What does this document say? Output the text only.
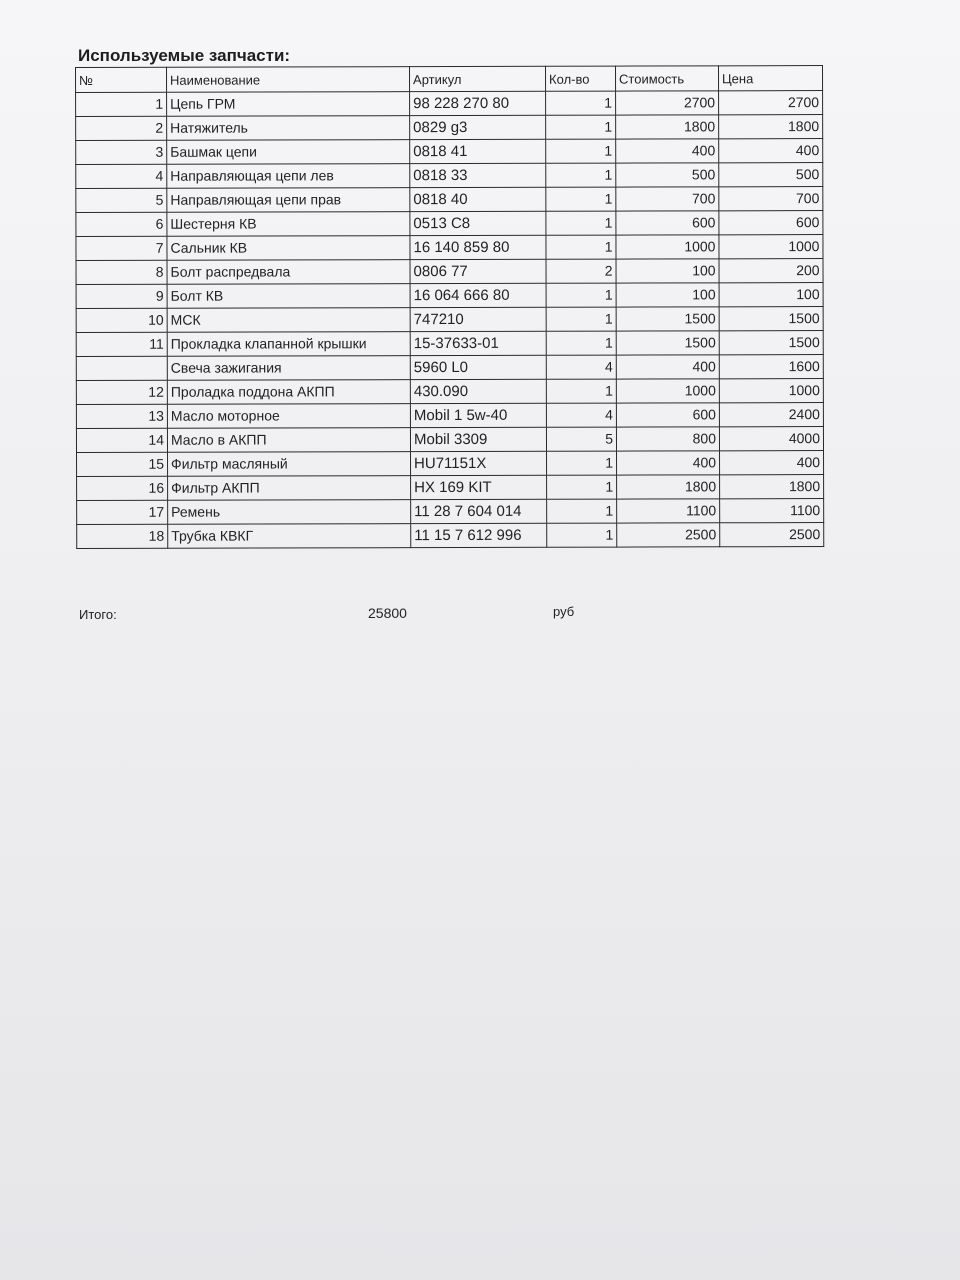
Используемые запчасти:
№	Наименование	Артикул	Кол-во	Стоимость	Цена
1	Цепь ГРМ	98 228 270 80	1	2700	2700
2	Натяжитель	0829 g3	1	1800	1800
3	Башмак цепи	0818 41	1	400	400
4	Направляющая цепи лев	0818 33	1	500	500
5	Направляющая цепи прав	0818 40	1	700	700
6	Шестерня КВ	0513 C8	1	600	600
7	Сальник КВ	16 140 859 80	1	1000	1000
8	Болт распредвала	0806 77	2	100	200
9	Болт КВ	16 064 666 80	1	100	100
10	МСК	747210	1	1500	1500
11	Прокладка клапанной крышки	15-37633-01	1	1500	1500
	Свеча зажигания	5960 L0	4	400	1600
12	Проладка поддона АКПП	430.090	1	1000	1000
13	Масло моторное	Mobil 1 5w-40	4	600	2400
14	Масло в АКПП	Mobil 3309	5	800	4000
15	Фильтр масляный	HU71151X	1	400	400
16	Фильтр АКПП	HX 169 KIT	1	1800	1800
17	Ремень	11 28 7 604 014	1	1100	1100
18	Трубка КВКГ	11 15 7 612 996	1	2500	2500
Итого:	25800	руб
